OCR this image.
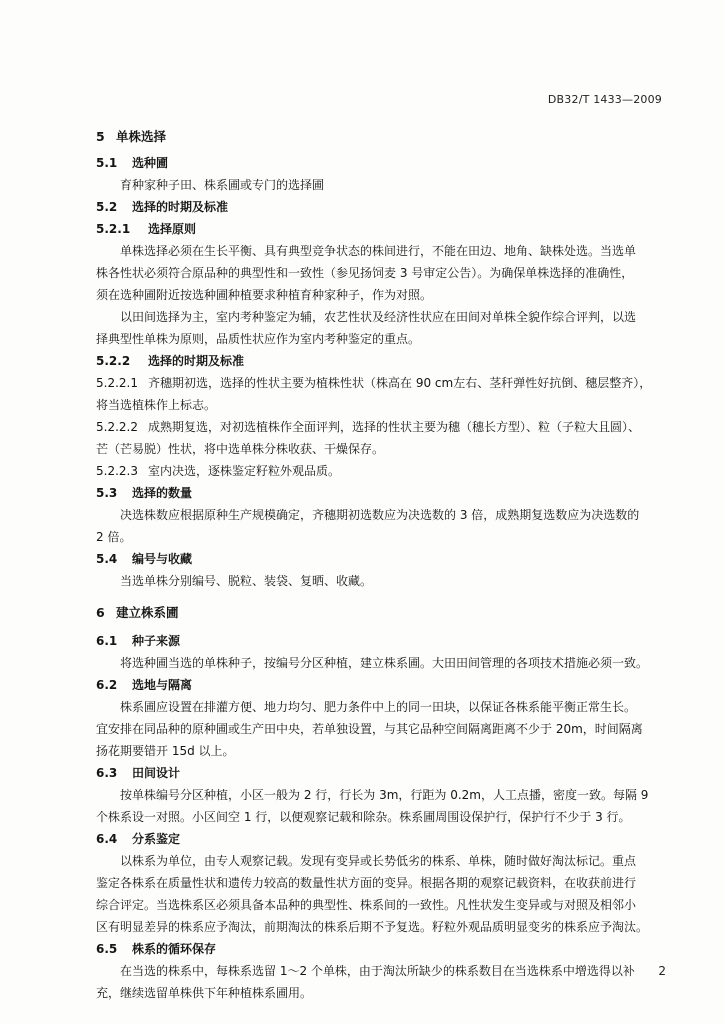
DB32/T 1433—2009

5 单株选择

5.1 选种圃

育种家种子田、株系圃或专门的选择圃

5.2 选择的时期及标准

5.2.1 选择原则

单株选择必须在生长平衡、具有典型竞争状态的株间进行，不能在田边、地角、缺株处选。当选单

株各性状必须符合原品种的典型性和一致性（参见扬饲麦 3 号审定公告）。为确保单株选择的准确性，

须在选种圃附近按选种圃种植要求种植育种家种子，作为对照。

以田间选择为主，室内考种鉴定为辅，农艺性状及经济性状应在田间对单株全貌作综合评判，以选

择典型性单株为原则，品质性状应作为室内考种鉴定的重点。

5.2.2 选择的时期及标准

5.2.2.1 齐穗期初选，选择的性状主要为植株性状（株高在 90 cm左右、茎秆弹性好抗倒、穗层整齐），

将当选植株作上标志。

5.2.2.2 成熟期复选，对初选植株作全面评判，选择的性状主要为穗（穗长方型）、粒（子粒大且圆）、

芒（芒易脱）性状，将中选单株分株收获、干燥保存。

5.2.2.3 室内决选，逐株鉴定籽粒外观品质。

5.3 选择的数量

决选株数应根据原种生产规模确定，齐穗期初选数应为决选数的 3 倍，成熟期复选数应为决选数的

2 倍。

5.4 编号与收藏

当选单株分别编号、脱粒、装袋、复晒、收藏。

6 建立株系圃

6.1 种子来源

将选种圃当选的单株种子，按编号分区种植，建立株系圃。大田田间管理的各项技术措施必须一致。

6.2 选地与隔离

株系圃应设置在排灌方便、地力均匀、肥力条件中上的同一田块，以保证各株系能平衡正常生长。

宜安排在同品种的原种圃或生产田中央，若单独设置，与其它品种空间隔离距离不少于 20m，时间隔离

扬花期要错开 15d 以上。

6.3 田间设计

按单株编号分区种植，小区一般为 2 行，行长为 3m，行距为 0.2m，人工点播，密度一致。每隔 9

个株系设一对照。小区间空 1 行，以便观察记载和除杂。株系圃周围设保护行，保护行不少于 3 行。

6.4 分系鉴定

以株系为单位，由专人观察记载。发现有变异或长势低劣的株系、单株，随时做好淘汰标记。重点

鉴定各株系在质量性状和遗传力较高的数量性状方面的变异。根据各期的观察记载资料，在收获前进行

综合评定。当选株系区必须具备本品种的典型性、株系间的一致性。凡性状发生变异或与对照及相邻小

区有明显差异的株系应予淘汰，前期淘汰的株系后期不予复选。籽粒外观品质明显变劣的株系应予淘汰。

6.5 株系的循环保存

在当选的株系中，每株系选留 1～2 个单株，由于淘汰所缺少的株系数目在当选株系中增选得以补

充，继续选留单株供下年种植株系圃用。

2
